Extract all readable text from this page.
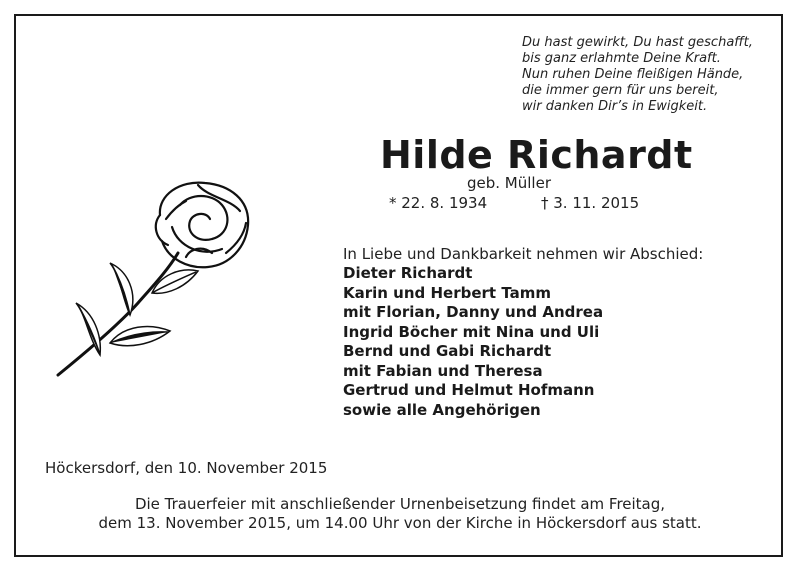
Du hast gewirkt, Du hast geschafft,
bis ganz erlahmte Deine Kraft.
Nun ruhen Deine fleißigen Hände,
die immer gern für uns bereit,
wir danken Dir’s in Ewigkeit.
Hilde Richardt
geb. Müller
* 22. 8. 1934	† 3. 11. 2015
In Liebe und Dankbarkeit nehmen wir Abschied:
Dieter Richardt
Karin und Herbert Tamm
mit Florian, Danny und Andrea
Ingrid Böcher mit Nina und Uli
Bernd und Gabi Richardt
mit Fabian und Theresa
Gertrud und Helmut Hofmann
sowie alle Angehörigen
Höckersdorf, den 10. November 2015
Die Trauerfeier mit anschließender Urnenbeisetzung findet am Freitag,
dem 13. November 2015, um 14.00 Uhr von der Kirche in Höckersdorf aus statt.
